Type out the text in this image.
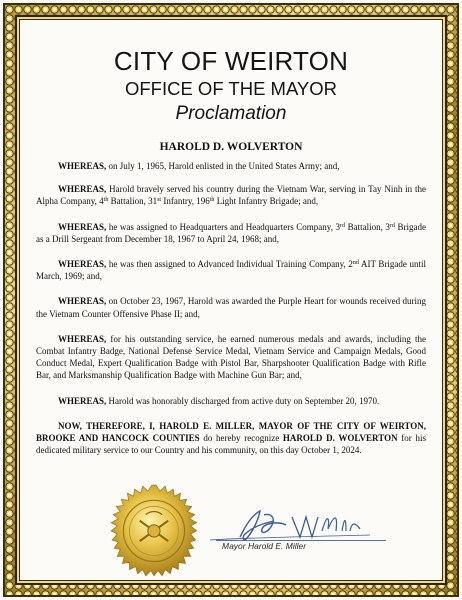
CITY OF WEIRTON
OFFICE OF THE MAYOR
Proclamation
HAROLD D. WOLVERTON

WHEREAS, on July 1, 1965, Harold enlisted in the United States Army; and,

WHEREAS, Harold bravely served his country during the Vietnam War, serving in Tay Ninh in the Alpha Company, 4th Battalion, 31st Infantry, 196th Light Infantry Brigade; and,

WHEREAS, he was assigned to Headquarters and Headquarters Company, 3rd Battalion, 3rd Brigade as a Drill Sergeant from December 18, 1967 to April 24, 1968; and,

WHEREAS, he was then assigned to Advanced Individual Training Company, 2nd AIT Brigade until March, 1969; and,

WHEREAS, on October 23, 1967, Harold was awarded the Purple Heart for wounds received during the Vietnam Counter Offensive Phase II; and,

WHEREAS, for his outstanding service, he earned numerous medals and awards, including the Combat Infantry Badge, National Defense Service Medal, Vietnam Service and Campaign Medals, Good Conduct Medal, Expert Qualification Badge with Pistol Bar, Sharpshooter Qualification Badge with Rifle Bar, and Marksmanship Qualification Badge with Machine Gun Bar; and,

WHEREAS, Harold was honorably discharged from active duty on September 20, 1970.

NOW, THEREFORE, I, HAROLD E. MILLER, MAYOR OF THE CITY OF WEIRTON, BROOKE AND HANCOCK COUNTIES do hereby recognize HAROLD D. WOLVERTON for his dedicated military service to our Country and his community, on this day October 1, 2024.

Mayor Harold E. Miller
